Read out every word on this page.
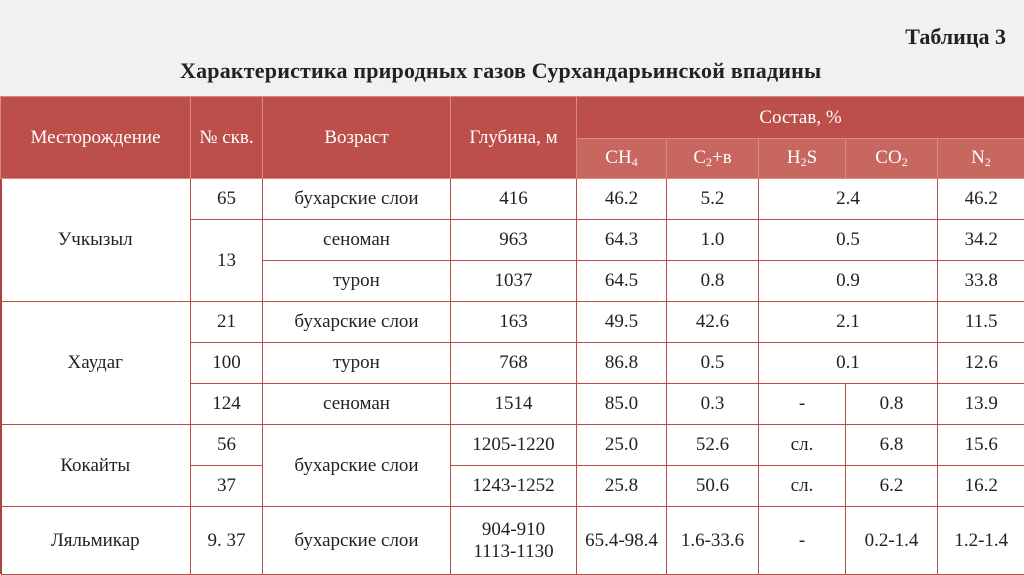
Таблица 3
Характеристика природных газов Сурхандарьинской впадины
Месторождение	№ скв.	Возраст	Глубина, м	Состав, %				
				$CH_4$	$C_2+в$	$H_2S$	$CO_2$	$N_2$
Учкызыл	65	бухарские слои	416	46.2	5.2	2.4		46.2
	13	сеноман	963	64.3	1.0	0.5		34.2
		турон	1037	64.5	0.8	0.9		33.8
Хаудаг	21	бухарские слои	163	49.5	42.6	2.1		11.5
	100	турон	768	86.8	0.5	0.1		12.6
	124	сеноман	1514	85.0	0.3	-	0.8	13.9
Кокайты	56	бухарские слои	1205-1220	25.0	52.6	сл.	6.8	15.6
	37		1243-1252	25.8	50.6	сл.	6.2	16.2
Ляльмикар	9. 37	бухарские слои	904-910
1113-1130	65.4-98.4	1.6-33.6	-	0.2-1.4	1.2-1.4
